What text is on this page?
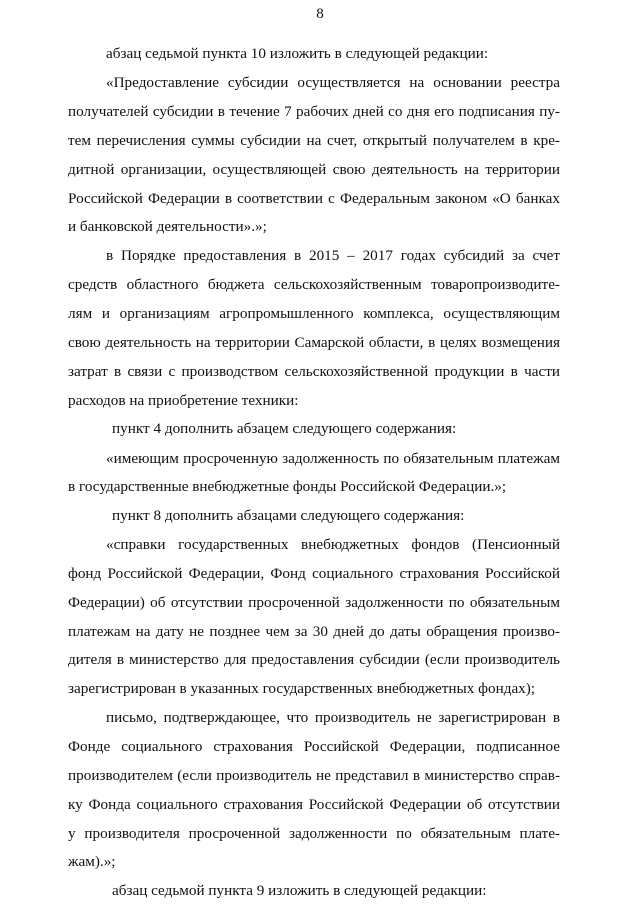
8
абзац седьмой пункта 10 изложить в следующей редакции:
«Предоставление субсидии осуществляется на основании реестра
получателей субсидии в течение 7 рабочих дней со дня его подписания пу-
тем перечисления суммы субсидии на счет, открытый получателем в кре-
дитной организации, осуществляющей свою деятельность на территории
Российской Федерации в соответствии с Федеральным законом «О банках
и банковской деятельности».»;
в Порядке предоставления в 2015 – 2017 годах субсидий за счет
средств областного бюджета сельскохозяйственным товаропроизводите-
лям и организациям агропромышленного комплекса, осуществляющим
свою деятельность на территории Самарской области, в целях возмещения
затрат в связи с производством сельскохозяйственной продукции в части
расходов на приобретение техники:
пункт 4 дополнить абзацем следующего содержания:
«имеющим просроченную задолженность по обязательным платежам
в государственные внебюджетные фонды Российской Федерации.»;
пункт 8 дополнить абзацами следующего содержания:
«справки государственных внебюджетных фондов (Пенсионный
фонд Российской Федерации, Фонд социального страхования Российской
Федерации) об отсутствии просроченной задолженности по обязательным
платежам на дату не позднее чем за 30 дней до даты обращения произво-
дителя в министерство для предоставления субсидии (если производитель
зарегистрирован в указанных государственных внебюджетных фондах);
письмо, подтверждающее, что производитель не зарегистрирован в
Фонде социального страхования Российской Федерации, подписанное
производителем (если производитель не представил в министерство справ-
ку Фонда социального страхования Российской Федерации об отсутствии
у производителя просроченной задолженности по обязательным плате-
жам).»;
абзац седьмой пункта 9 изложить в следующей редакции:
